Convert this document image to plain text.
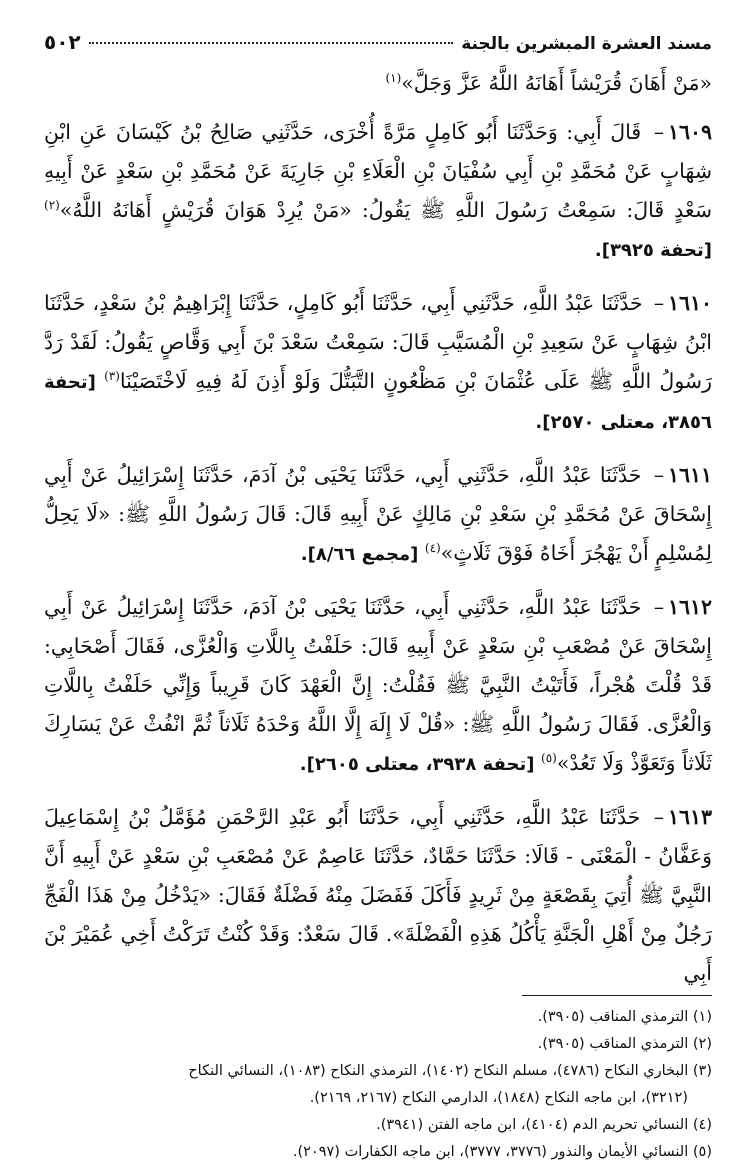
مسند العشرة المبشرين بالجنة
٥٠٢

«مَنْ أَهَانَ قُرَيْشاً أَهَانَهُ اللَّهُ عَزَّ وَجَلَّ»$^{(١)}$

١٦٠٩– قَالَ أَبِي: وَحَدَّثَنَا أَبُو كَامِلٍ مَرَّةً أُخْرَى، حَدَّثَنِي صَالِحُ بْنُ كَيْسَانَ عَنِ ابْنِ شِهَابٍ عَنْ مُحَمَّدِ بْنِ أَبِي سُفْيَانَ بْنِ الْعَلَاءِ بْنِ جَارِيَةَ عَنْ مُحَمَّدِ بْنِ سَعْدٍ عَنْ أَبِيهِ سَعْدٍ قَالَ: سَمِعْتُ رَسُولَ اللَّهِ ﷺ يَقُولُ: «مَنْ يُرِدْ هَوَانَ قُرَيْشٍ أَهَانَهُ اللَّهُ»$^{(٢)}$ [تحفة ٣٩٢٥].

١٦١٠– حَدَّثَنَا عَبْدُ اللَّهِ، حَدَّثَنِي أَبِي، حَدَّثَنَا أَبُو كَامِلٍ، حَدَّثَنَا إِبْرَاهِيمُ بْنُ سَعْدٍ، حَدَّثَنَا ابْنُ شِهَابٍ عَنْ سَعِيدِ بْنِ الْمُسَيَّبِ قَالَ: سَمِعْتُ سَعْدَ بْنَ أَبِي وَقَّاصٍ يَقُولُ: لَقَدْ رَدَّ رَسُولُ اللَّهِ ﷺ عَلَى عُثْمَانَ بْنِ مَظْعُونٍ التَّبَتُّلَ وَلَوْ أَذِنَ لَهُ فِيهِ لَاخْتَصَيْنَا$^{(٣)}$ [تحفة ٣٨٥٦، معتلى ٢٥٧٠].

١٦١١– حَدَّثَنَا عَبْدُ اللَّهِ، حَدَّثَنِي أَبِي، حَدَّثَنَا يَحْيَى بْنُ آدَمَ، حَدَّثَنَا إِسْرَائِيلُ عَنْ أَبِي إِسْحَاقَ عَنْ مُحَمَّدِ بْنِ سَعْدِ بْنِ مَالِكٍ عَنْ أَبِيهِ قَالَ: قَالَ رَسُولُ اللَّهِ ﷺ: «لَا يَحِلُّ لِمُسْلِمٍ أَنْ يَهْجُرَ أَخَاهُ فَوْقَ ثَلَاثٍ»$^{(٤)}$ [مجمع ٨/٦٦].

١٦١٢– حَدَّثَنَا عَبْدُ اللَّهِ، حَدَّثَنِي أَبِي، حَدَّثَنَا يَحْيَى بْنُ آدَمَ، حَدَّثَنَا إِسْرَائِيلُ عَنْ أَبِي إِسْحَاقَ عَنْ مُصْعَبِ بْنِ سَعْدٍ عَنْ أَبِيهِ قَالَ: حَلَفْتُ بِاللَّاتِ وَالْعُزَّى، فَقَالَ أَصْحَابِي: قَدْ قُلْتَ هُجْراً، فَأَتَيْتُ النَّبِيَّ ﷺ فَقُلْتُ: إِنَّ الْعَهْدَ كَانَ قَرِيباً وَإِنِّي حَلَفْتُ بِاللَّاتِ وَالْعُزَّى. فَقَالَ رَسُولُ اللَّهِ ﷺ: «قُلْ لَا إِلَهَ إِلَّا اللَّهُ وَحْدَهُ ثَلَاثاً ثُمَّ انْفُثْ عَنْ يَسَارِكَ ثَلَاثاً وَتَعَوَّذْ وَلَا تَعُدْ»$^{(٥)}$ [تحفة ٣٩٣٨، معتلى ٢٦٠٥].

١٦١٣– حَدَّثَنَا عَبْدُ اللَّهِ، حَدَّثَنِي أَبِي، حَدَّثَنَا أَبُو عَبْدِ الرَّحْمَنِ مُؤَمَّلُ بْنُ إِسْمَاعِيلَ وَعَفَّانُ - الْمَعْنَى - قَالَا: حَدَّثَنَا حَمَّادٌ، حَدَّثَنَا عَاصِمٌ عَنْ مُصْعَبِ بْنِ سَعْدٍ عَنْ أَبِيهِ أَنَّ النَّبِيَّ ﷺ أُتِيَ بِقَصْعَةٍ مِنْ ثَرِيدٍ فَأَكَلَ فَفَضَلَ مِنْهُ فَضْلَةٌ فَقَالَ: «يَدْخُلُ مِنْ هَذَا الْفَجِّ رَجُلٌ مِنْ أَهْلِ الْجَنَّةِ يَأْكُلُ هَذِهِ الْفَضْلَةَ». قَالَ سَعْدٌ: وَقَدْ كُنْتُ تَرَكْتُ أَخِي عُمَيْرَ بْنَ أَبِي

(١) الترمذي المناقب (٣٩٠٥).

(٢) الترمذي المناقب (٣٩٠٥).

(٣) البخاري النكاح (٤٧٨٦)، مسلم النكاح (١٤٠٢)، الترمذي النكاح (١٠٨٣)، النسائي النكاح

(٣٢١٢)، ابن ماجه النكاح (١٨٤٨)، الدارمي النكاح (٢١٦٧، ٢١٦٩).

(٤) النسائي تحريم الدم (٤١٠٤)، ابن ماجه الفتن (٣٩٤١).

(٥) النسائي الأيمان والنذور (٣٧٧٦، ٣٧٧٧)، ابن ماجه الكفارات (٢٠٩٧).
